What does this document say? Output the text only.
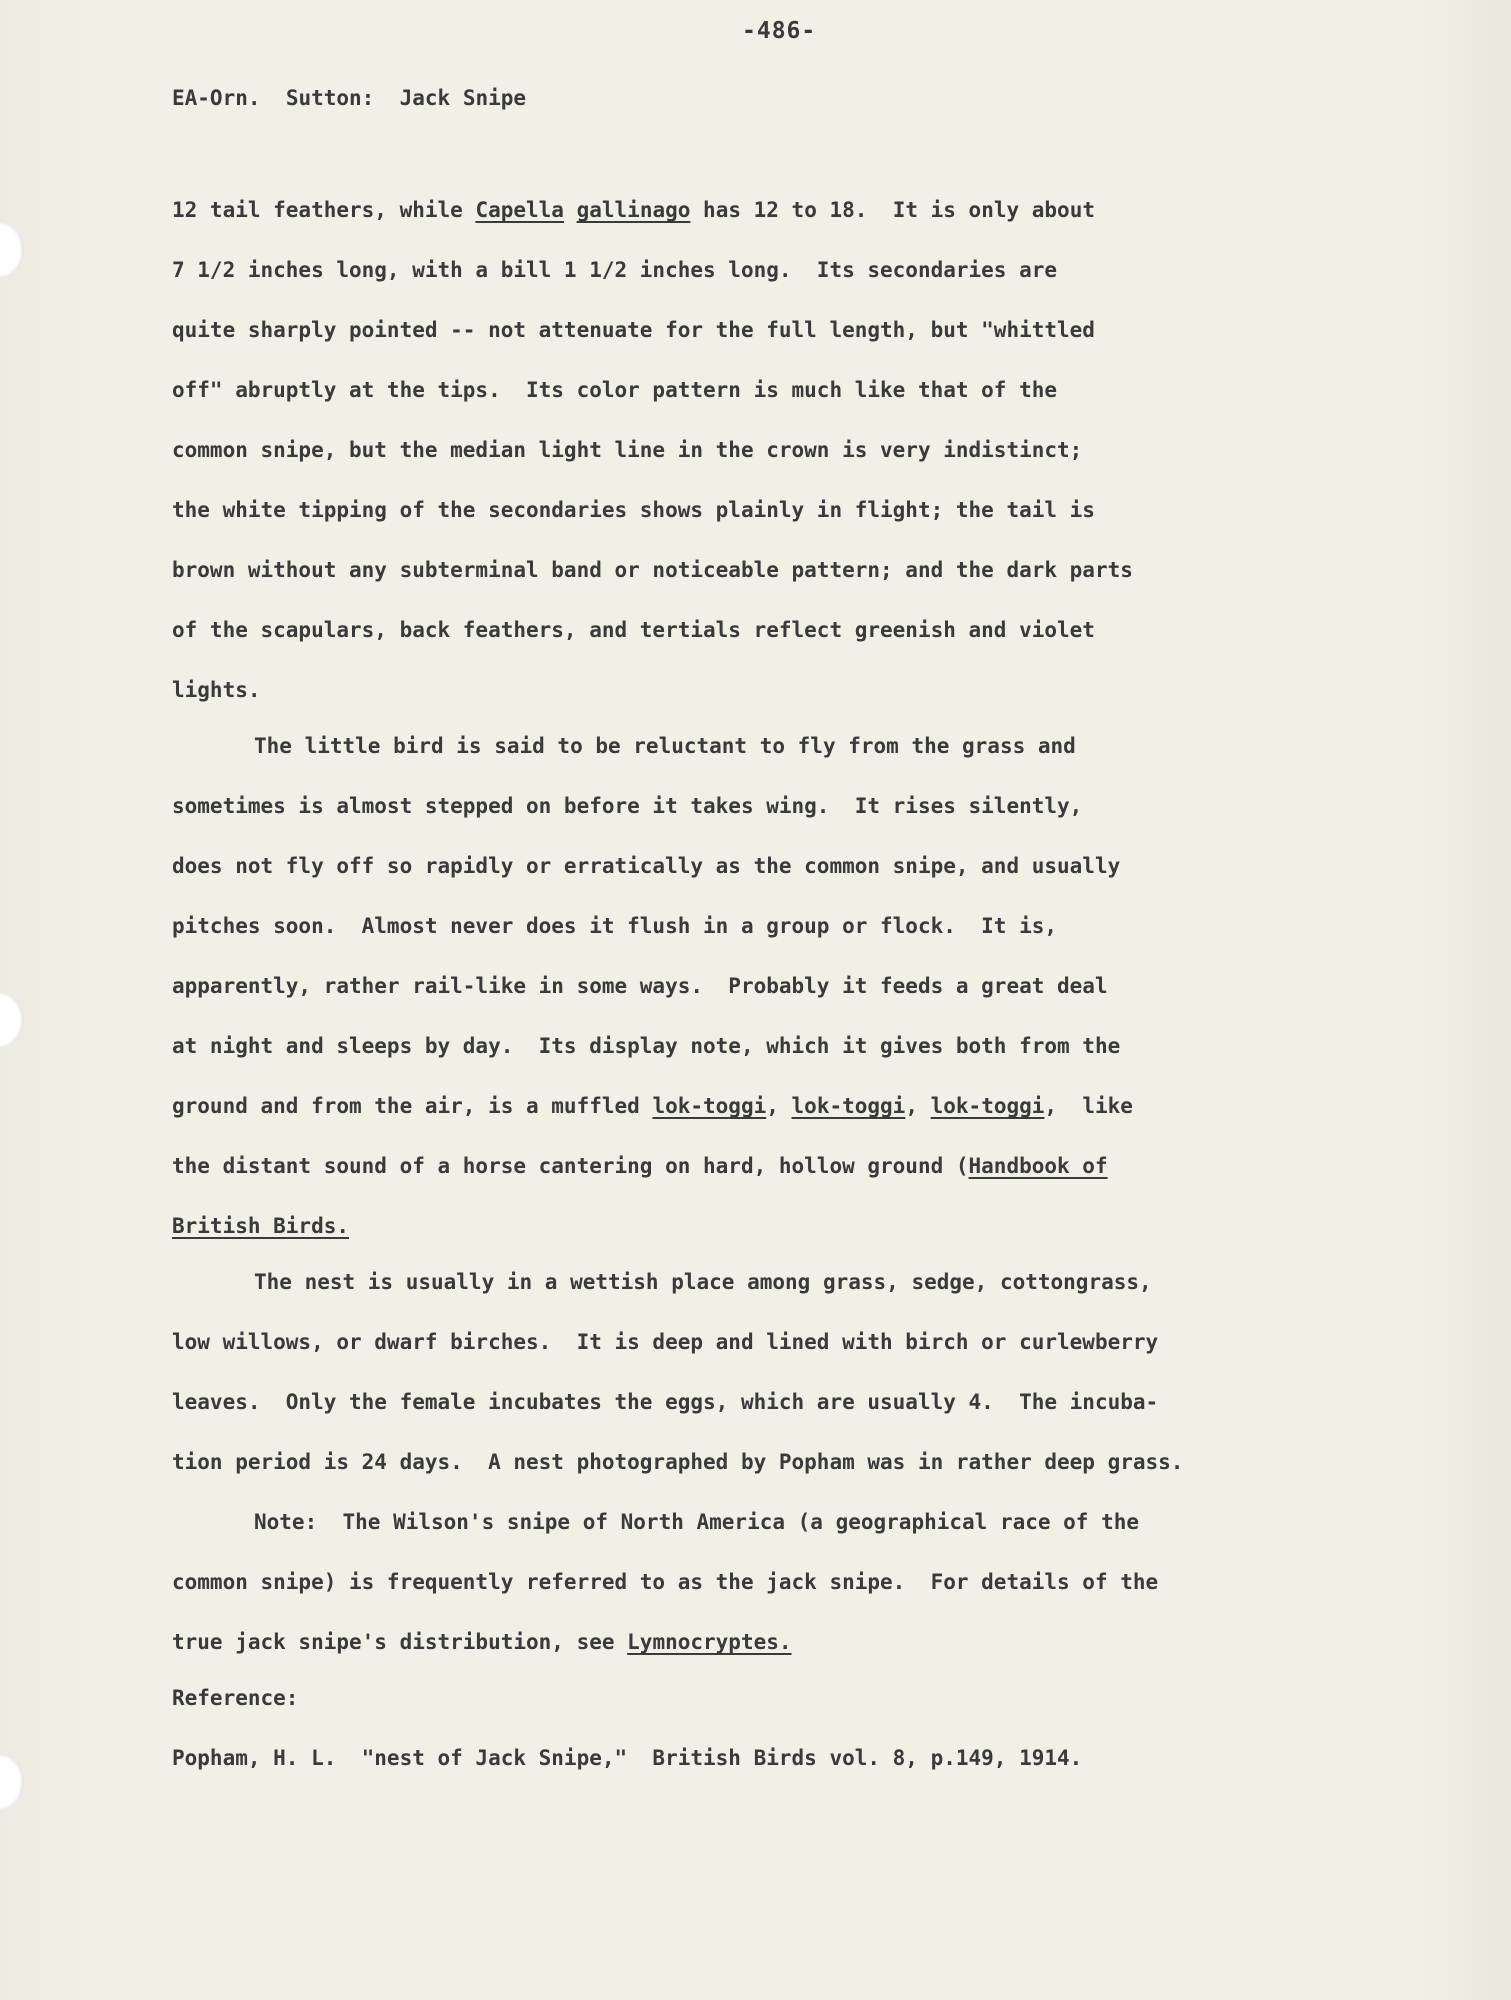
-486-
EA-Orn. Sutton: Jack Snipe
12 tail feathers, while Capella gallinago has 12 to 18.  It is only about
7 1/2 inches long, with a bill 1 1/2 inches long.  Its secondaries are
quite sharply pointed -- not attenuate for the full length, but "whittled
off" abruptly at the tips.  Its color pattern is much like that of the
common snipe, but the median light line in the crown is very indistinct;
the white tipping of the secondaries shows plainly in flight; the tail is
brown without any subterminal band or noticeable pattern; and the dark parts
of the scapulars, back feathers, and tertials reflect greenish and violet
lights.
The little bird is said to be reluctant to fly from the grass and
sometimes is almost stepped on before it takes wing.  It rises silently,
does not fly off so rapidly or erratically as the common snipe, and usually
pitches soon.  Almost never does it flush in a group or flock.  It is,
apparently, rather rail-like in some ways.  Probably it feeds a great deal
at night and sleeps by day.  Its display note, which it gives both from the
ground and from the air, is a muffled lok-toggi, lok-toggi, lok-toggi,  like
the distant sound of a horse cantering on hard, hollow ground (Handbook of
British Birds.
The nest is usually in a wettish place among grass, sedge, cottongrass,
low willows, or dwarf birches.  It is deep and lined with birch or curlewberry
leaves.  Only the female incubates the eggs, which are usually 4.  The incuba-
tion period is 24 days.  A nest photographed by Popham was in rather deep grass.
Note:  The Wilson's snipe of North America (a geographical race of the
common snipe) is frequently referred to as the jack snipe.  For details of the
true jack snipe's distribution, see Lymnocryptes.
Reference:
Popham, H. L.  "nest of Jack Snipe,"  British Birds vol. 8, p.149, 1914.
